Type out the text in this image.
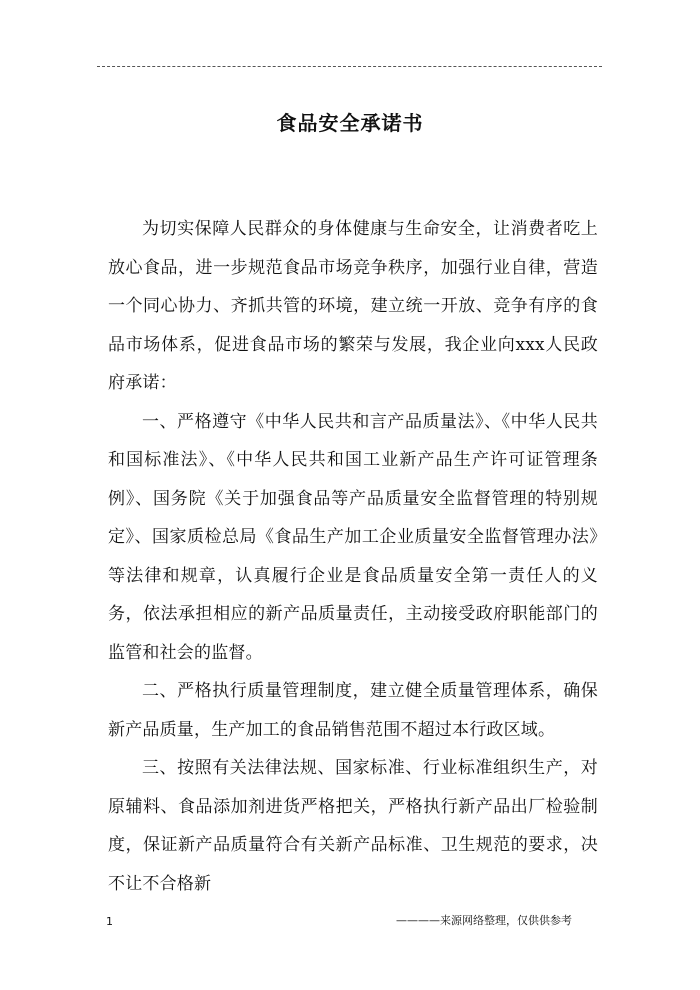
食品安全承诺书

为切实保障人民群众的身体健康与生命安全，让消费者吃上放心食品，进一步规范食品市场竞争秩序，加强行业自律，营造一个同心协力、齐抓共管的环境，建立统一开放、竞争有序的食品市场体系，促进食品市场的繁荣与发展，我企业向xxx人民政府承诺：

一、严格遵守《中华人民共和言产品质量法》、《中华人民共和国标准法》、《中华人民共和国工业新产品生产许可证管理条例》、国务院《关于加强食品等产品质量安全监督管理的特别规定》、国家质检总局《食品生产加工企业质量安全监督管理办法》等法律和规章，认真履行企业是食品质量安全第一责任人的义务，依法承担相应的新产品质量责任，主动接受政府职能部门的监管和社会的监督。

二、严格执行质量管理制度，建立健全质量管理体系，确保新产品质量，生产加工的食品销售范围不超过本行政区域。

三、按照有关法律法规、国家标准、行业标准组织生产，对原辅料、食品添加剂进货严格把关，严格执行新产品出厂检验制度，保证新产品质量符合有关新产品标准、卫生规范的要求，决不让不合格新

1	————来源网络整理，仅供供参考
